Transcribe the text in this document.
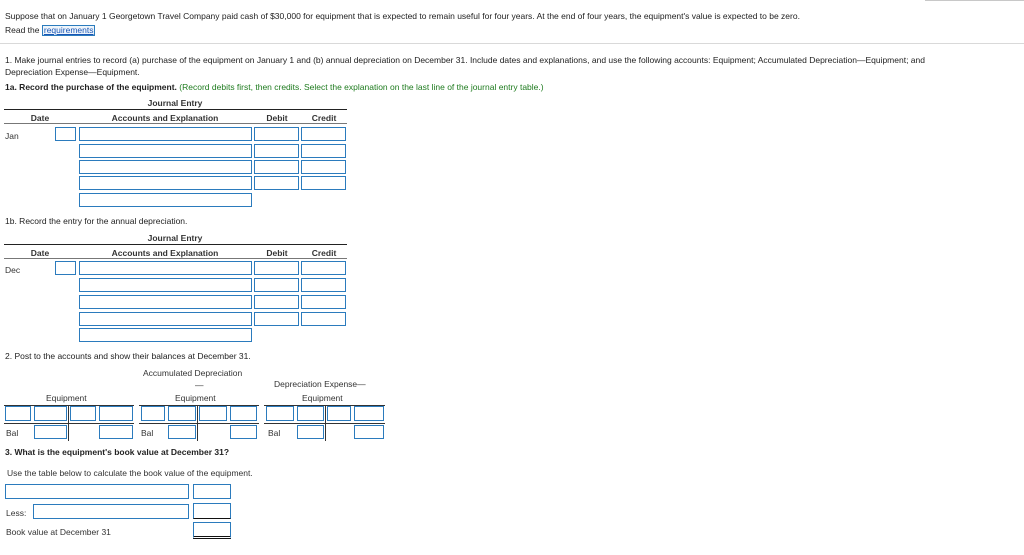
Suppose that on January 1 Georgetown Travel Company paid cash of $30,000 for equipment that is expected to remain useful for four years. At the end of four years, the equipment's value is expected to be zero.
Read the requirements
1. Make journal entries to record (a) purchase of the equipment on January 1 and (b) annual depreciation on December 31. Include dates and explanations, and use the following accounts: Equipment; Accumulated Depreciation—Equipment; and
Depreciation Expense—Equipment.
1a. Record the purchase of the equipment. (Record debits first, then credits. Select the explanation on the last line of the journal entry table.)
Journal Entry
Date	Accounts and Explanation	Debit	Credit
Jan
1b. Record the entry for the annual depreciation.
Journal Entry
Date	Accounts and Explanation	Debit	Credit
Dec
2. Post to the accounts and show their balances at December 31.
Accumulated Depreciation
—
Equipment
Equipment
Depreciation Expense—
Equipment
Bal	Bal	Bal
3. What is the equipment's book value at December 31?
Use the table below to calculate the book value of the equipment.
Less:
Book value at December 31
